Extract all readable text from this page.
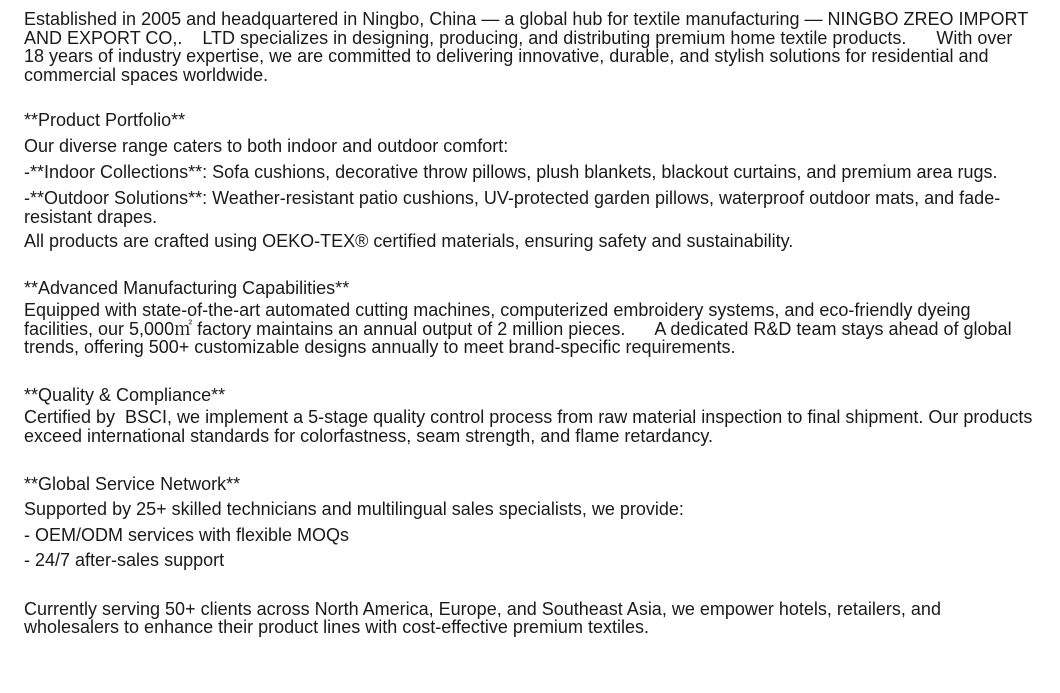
Established in 2005 and headquartered in Ningbo, China — a global hub for textile manufacturing — NINGBO ZREO IMPORT AND EXPORT CO,.    LTD specializes in designing, producing, and distributing premium home textile products.      With over 18 years of industry expertise, we are committed to delivering innovative, durable, and stylish solutions for residential and commercial spaces worldwide.

**Product Portfolio**

Our diverse range caters to both indoor and outdoor comfort:

-**Indoor Collections**: Sofa cushions, decorative throw pillows, plush blankets, blackout curtains, and premium area rugs.

-**Outdoor Solutions**: Weather-resistant patio cushions, UV-protected garden pillows, waterproof outdoor mats, and fade-resistant drapes.

All products are crafted using OEKO-TEX® certified materials, ensuring safety and sustainability.

**Advanced Manufacturing Capabilities**

Equipped with state-of-the-art automated cutting machines, computerized embroidery systems, and eco-friendly dyeing facilities, our 5,000㎡ factory maintains an annual output of 2 million pieces.      A dedicated R&D team stays ahead of global trends, offering 500+ customizable designs annually to meet brand-specific requirements.

**Quality & Compliance**

Certified by  BSCI, we implement a 5-stage quality control process from raw material inspection to final shipment. Our products exceed international standards for colorfastness, seam strength, and flame retardancy.

**Global Service Network**

Supported by 25+ skilled technicians and multilingual sales specialists, we provide:

- OEM/ODM services with flexible MOQs

- 24/7 after-sales support

Currently serving 50+ clients across North America, Europe, and Southeast Asia, we empower hotels, retailers, and wholesalers to enhance their product lines with cost-effective premium textiles.
